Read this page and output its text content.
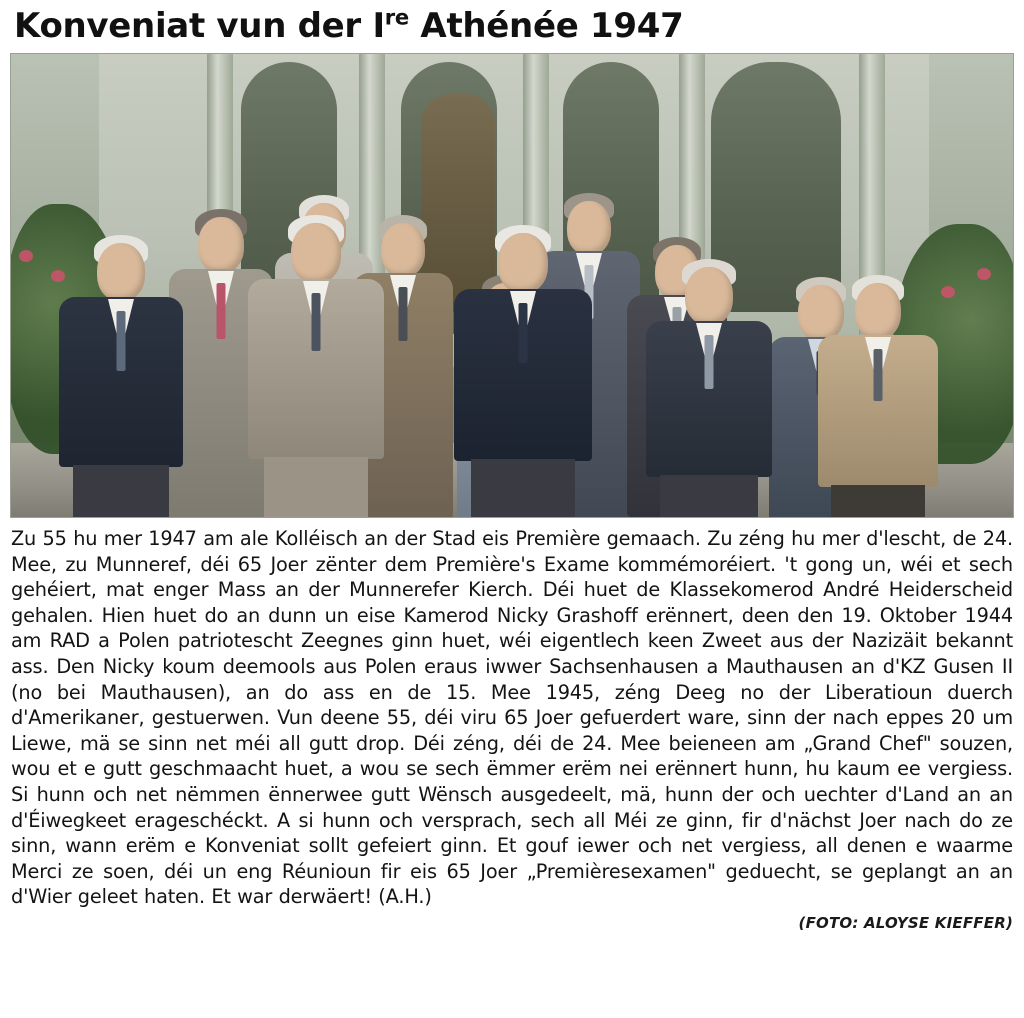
Konveniat vun der Ire Athénée 1947

Zu 55 hu mer 1947 am ale Kolléisch an der Stad eis Première gemaach. Zu zéng hu mer d'lescht, de 24. Mee, zu Munneref, déi 65 Joer zënter dem Première's Exame kommémoréiert. 't gong un, wéi et sech gehéiert, mat enger Mass an der Munnerefer Kierch. Déi huet de Klassekomerod André Heiderscheid gehalen. Hien huet do an dunn un eise Kamerod Nicky Grashoff erënnert, deen den 19. Oktober 1944 am RAD a Polen patriotescht Zeegnes ginn huet, wéi eigentlech keen Zweet aus der Nazizäit bekannt ass. Den Nicky koum deemools aus Polen eraus iwwer Sachsenhausen a Mauthausen an d'KZ Gusen II (no bei Mauthausen), an do ass en de 15. Mee 1945, zéng Deeg no der Liberatioun duerch d'Amerikaner, gestuerwen. Vun deene 55, déi viru 65 Joer gefuerdert ware, sinn der nach eppes 20 um Liewe, mä se sinn net méi all gutt drop. Déi zéng, déi de 24. Mee beieneen am „Grand Chef" souzen, wou et e gutt geschmaacht huet, a wou se sech ëmmer erëm nei erënnert hunn, hu kaum ee vergiess. Si hunn och net nëmmen ënnerwee gutt Wënsch ausgedeelt, mä, hunn der och uechter d'Land an an d'Éiwegkeet erageschéckt. A si hunn och versprach, sech all Méi ze ginn, fir d'nächst Joer nach do ze sinn, wann erëm e Konveniat sollt gefeiert ginn. Et gouf iewer och net vergiess, all denen e waarme Merci ze soen, déi un eng Réunioun fir eis 65 Joer „Premièresexamen" geduecht, se geplangt an an d'Wier geleet haten. Et war derwäert! (A.H.)

(FOTO: ALOYSE KIEFFER)
